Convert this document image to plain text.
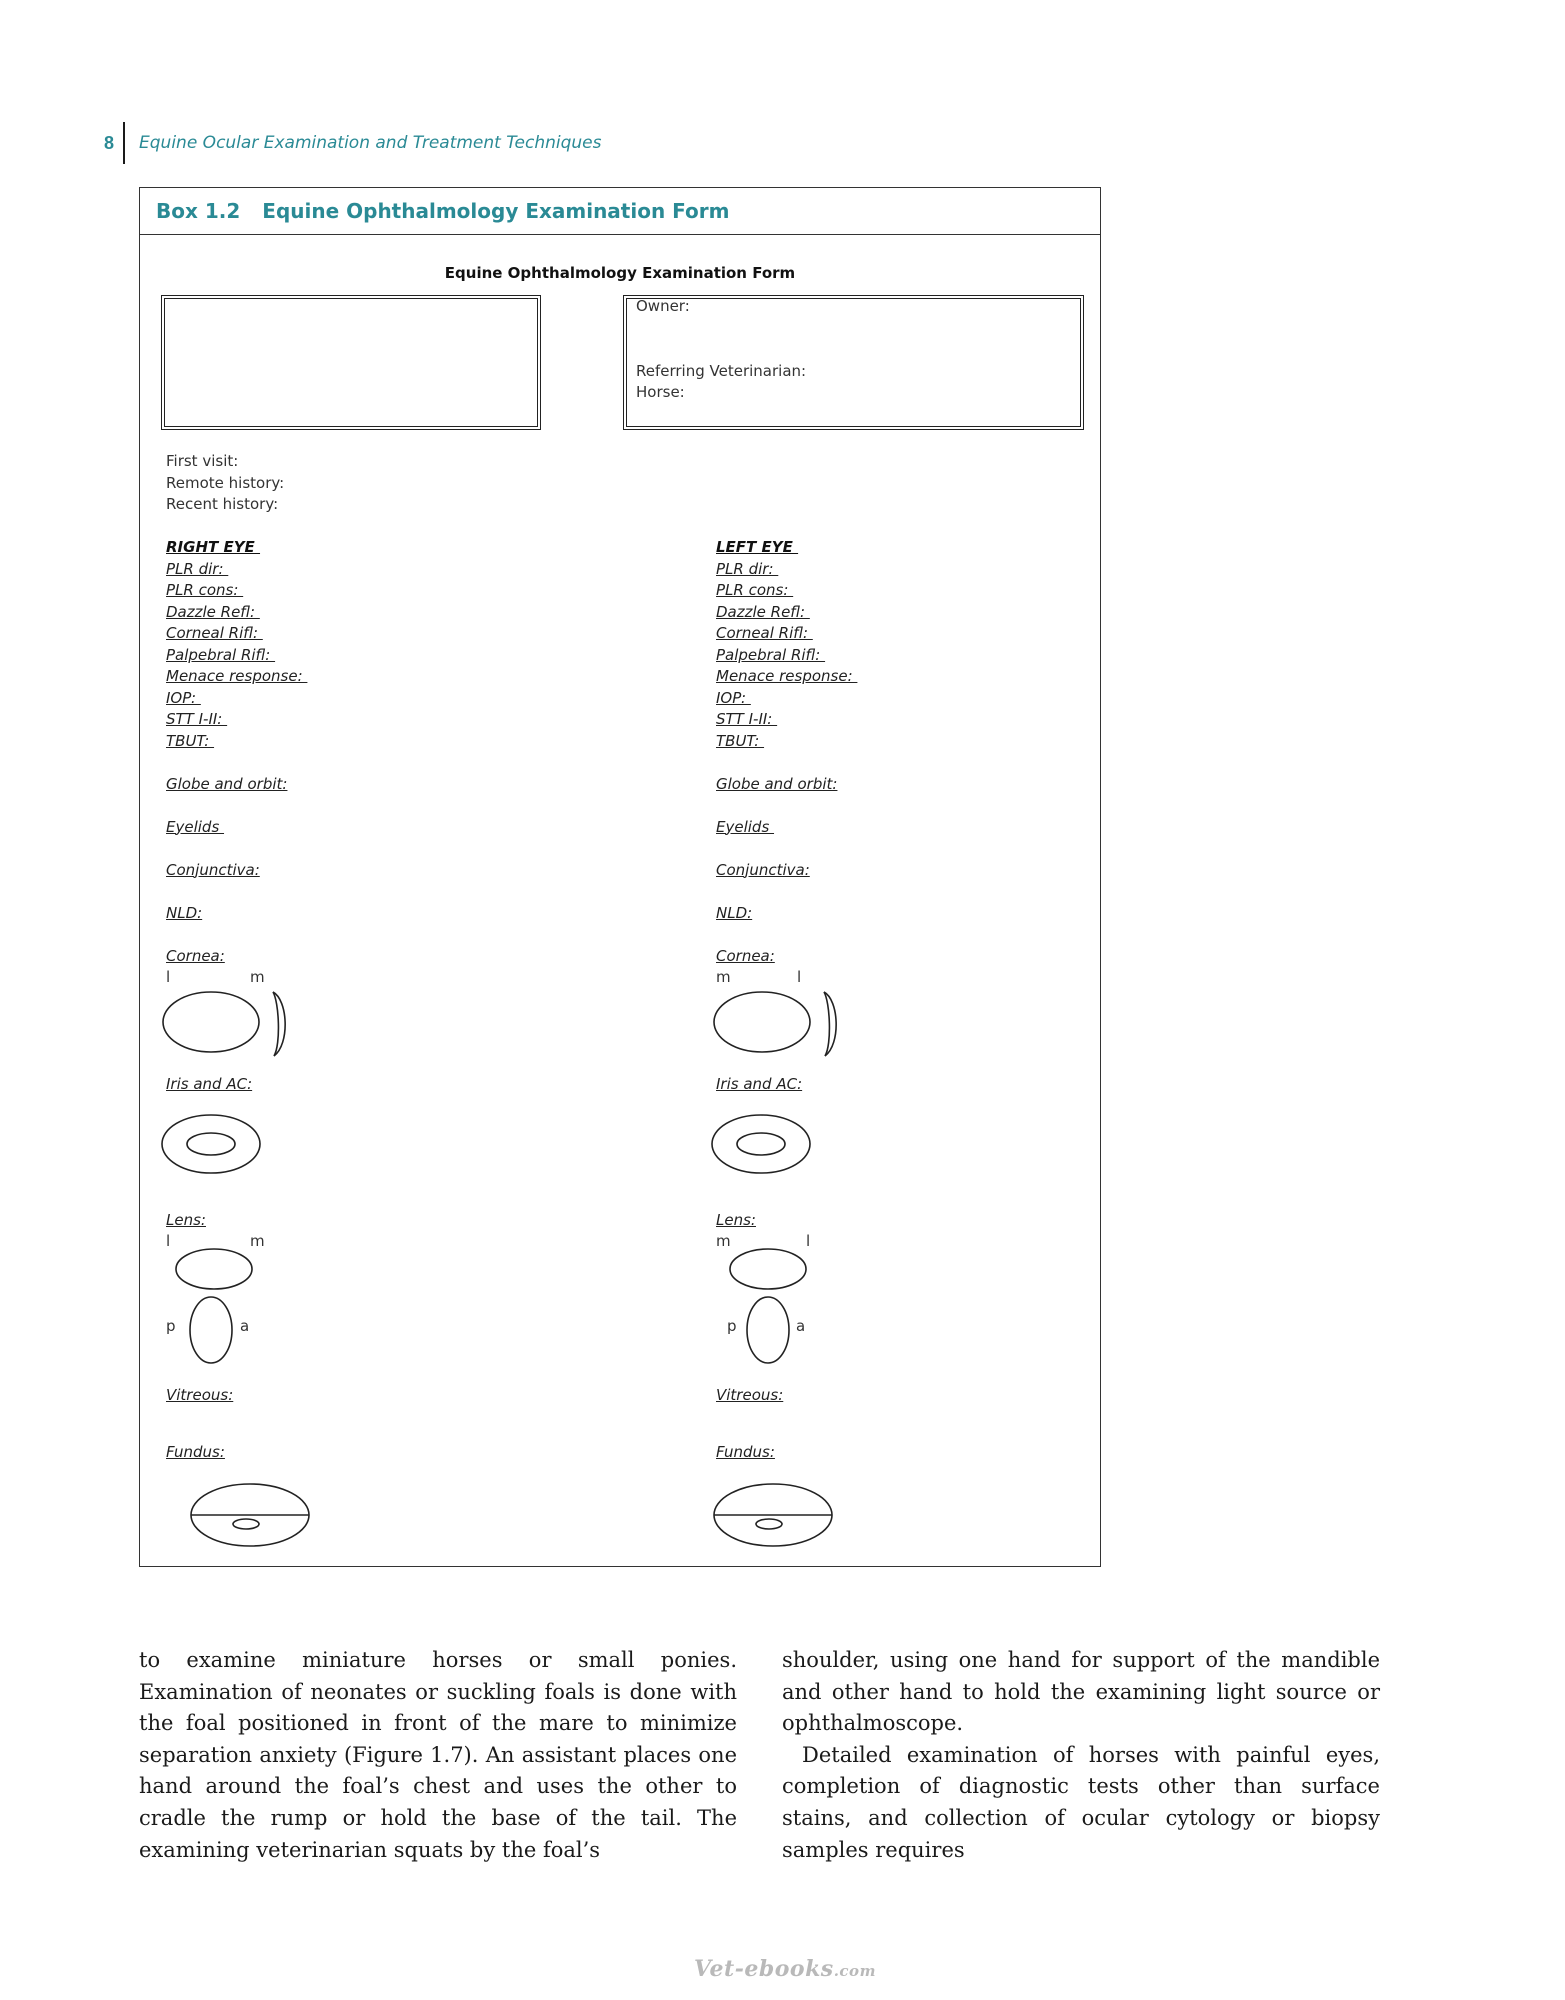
8	Equine Ocular Examination and Treatment Techniques
Box 1.2 Equine Ophthalmology Examination Form
Equine Ophthalmology Examination Form
Owner:
Referring Veterinarian:
Horse:
First visit:
Remote history:
Recent history:
RIGHT EYE
PLR dir:
PLR cons:
Dazzle Refl:
Corneal Rifl:
Palpebral Rifl:
Menace response:
IOP:
STT I-II:
TBUT:
Globe and orbit:
Eyelids
Conjunctiva:
NLD:
Cornea:
l	m
Iris and AC:
Lens:
l	m
p	a
Vitreous:
Fundus:
LEFT EYE
PLR dir:
PLR cons:
Dazzle Refl:
Corneal Rifl:
Palpebral Rifl:
Menace response:
IOP:
STT I-II:
TBUT:
Globe and orbit:
Eyelids
Conjunctiva:
NLD:
Cornea:
m	l
Iris and AC:
Lens:
m	l
p	a
Vitreous:
Fundus:

to examine miniature horses or small ponies. Examination of neonates or suckling foals is done with the foal positioned in front of the mare to minimize separation anxiety (Figure 1.7). An assistant places one hand around the foal’s chest and uses the other to cradle the rump or hold the base of the tail. The examining veterinarian squats by the foal’s

shoulder, using one hand for support of the mandible and other hand to hold the examining light source or ophthalmoscope.

Detailed examination of horses with painful eyes, completion of diagnostic tests other than surface stains, and collection of ocular cytology or biopsy samples requires

Vet-ebooks.com
